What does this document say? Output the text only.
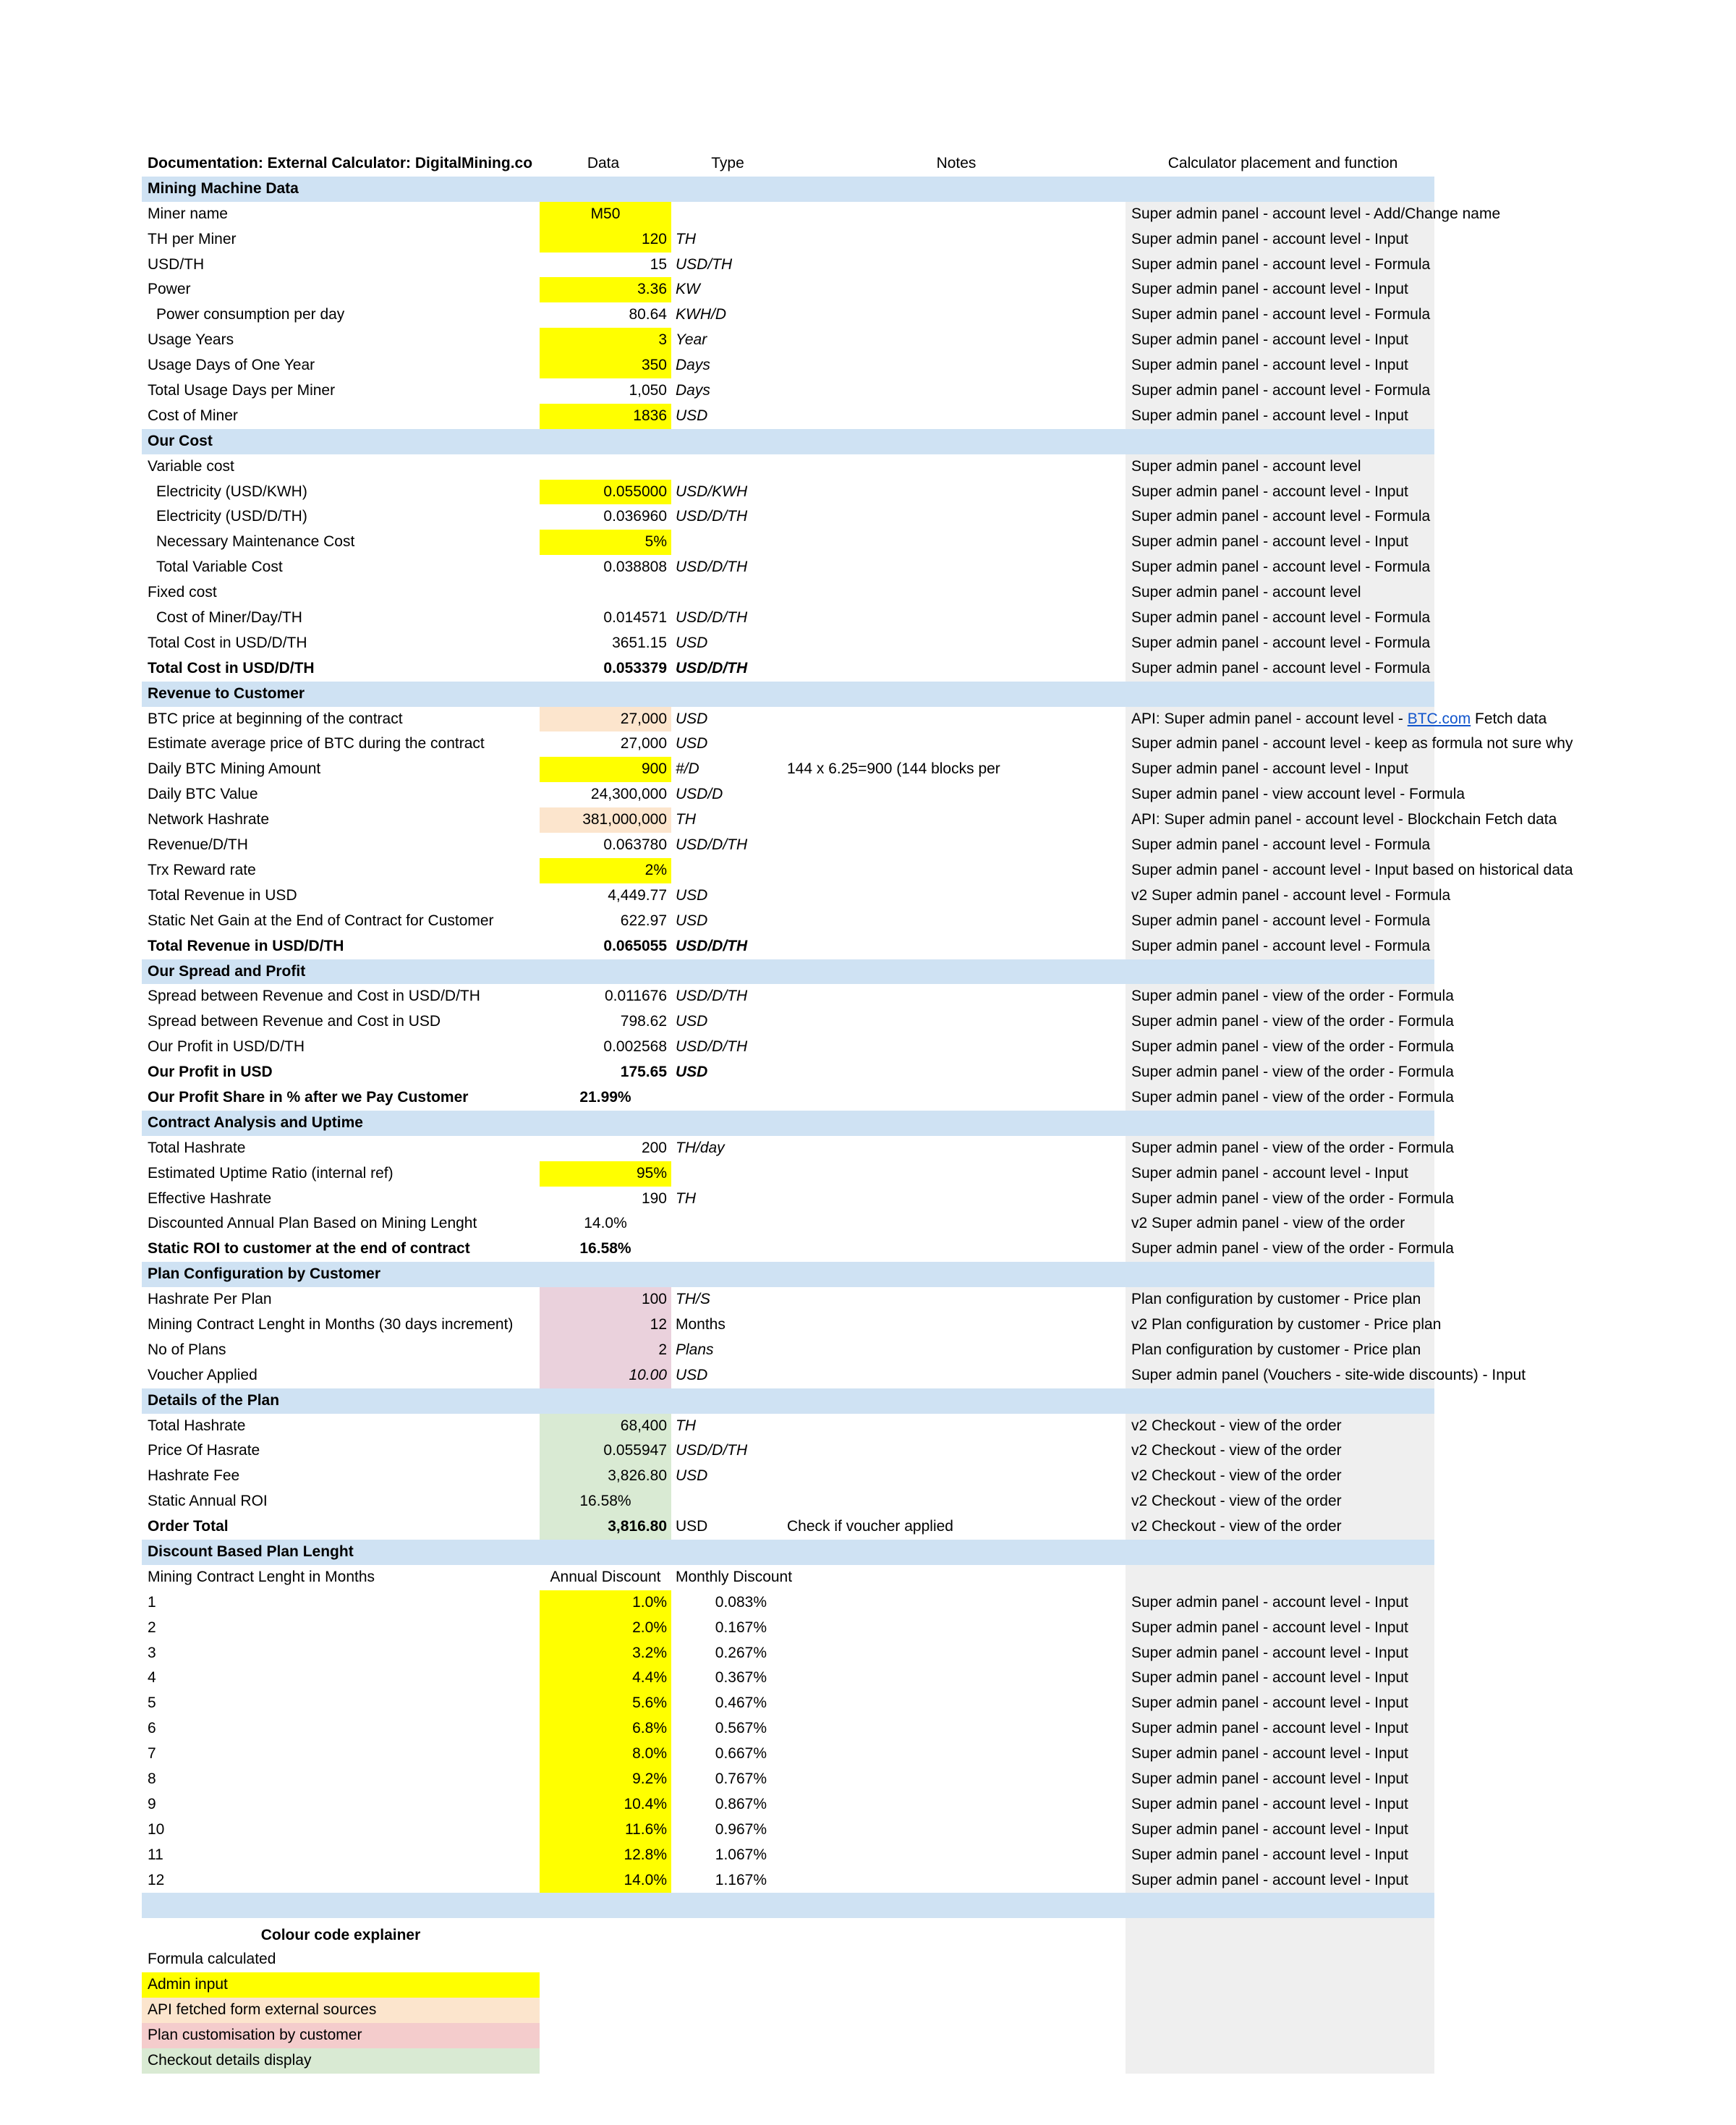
Documentation: External Calculator: DigitalMining.co	Data	Type	Notes	Calculator placement and function
Mining Machine Data
Miner name	M50	Super admin panel - account level - Add/Change name
TH per Miner	120 TH	Super admin panel - account level - Input
USD/TH	15 USD/TH	Super admin panel - account level - Formula
Power	3.36 KW	Super admin panel - account level - Input
Power consumption per day	80.64 KWH/D	Super admin panel - account level - Formula
Usage Years	3 Year	Super admin panel - account level - Input
Usage Days of One Year	350 Days	Super admin panel - account level - Input
Total Usage Days per Miner	1,050 Days	Super admin panel - account level - Formula
Cost of Miner	1836 USD	Super admin panel - account level - Input
Our Cost
Variable cost	Super admin panel - account level
Electricity (USD/KWH)	0.055000 USD/KWH	Super admin panel - account level - Input
Electricity (USD/D/TH)	0.036960 USD/D/TH	Super admin panel - account level - Formula
Necessary Maintenance Cost	5%	Super admin panel - account level - Input
Total Variable Cost	0.038808 USD/D/TH	Super admin panel - account level - Formula
Fixed cost	Super admin panel - account level
Cost of Miner/Day/TH	0.014571 USD/D/TH	Super admin panel - account level - Formula
Total Cost in USD/D/TH	3651.15 USD	Super admin panel - account level - Formula
Total Cost in USD/D/TH	0.053379 USD/D/TH	Super admin panel - account level - Formula
Revenue to Customer
BTC price at beginning of the contract	27,000 USD	API: Super admin panel - account level - BTC.com Fetch data
Estimate average price of BTC during the contract	27,000 USD	Super admin panel - account level - keep as formula not sure why
Daily BTC Mining Amount	900 #/D	144 x 6.25=900 (144 blocks per	Super admin panel - account level - Input
Daily BTC Value	24,300,000 USD/D	Super admin panel - view account level - Formula
Network Hashrate	381,000,000 TH	API: Super admin panel - account level - Blockchain Fetch data
Revenue/D/TH	0.063780 USD/D/TH	Super admin panel - account level - Formula
Trx Reward rate	2%	Super admin panel - account level - Input based on historical data
Total Revenue in USD	4,449.77 USD	v2 Super admin panel - account level - Formula
Static Net Gain at the End of Contract for Customer	622.97 USD	Super admin panel - account level - Formula
Total Revenue in USD/D/TH	0.065055 USD/D/TH	Super admin panel - account level - Formula
Our Spread and Profit
Spread between Revenue and Cost in USD/D/TH	0.011676 USD/D/TH	Super admin panel - view of the order - Formula
Spread between Revenue and Cost in USD	798.62 USD	Super admin panel - view of the order - Formula
Our Profit in USD/D/TH	0.002568 USD/D/TH	Super admin panel - view of the order - Formula
Our Profit in USD	175.65 USD	Super admin panel - view of the order - Formula
Our Profit Share in % after we Pay Customer	21.99%	Super admin panel - view of the order - Formula
Contract Analysis and Uptime
Total Hashrate	200 TH/day	Super admin panel - view of the order - Formula
Estimated Uptime Ratio (internal ref)	95%	Super admin panel - account level - Input
Effective Hashrate	190 TH	Super admin panel - view of the order - Formula
Discounted Annual Plan Based on Mining Lenght	14.0%	v2 Super admin panel - view of the order
Static ROI to customer at the end of contract	16.58%	Super admin panel - view of the order - Formula
Plan Configuration by Customer
Hashrate Per Plan	100 TH/S	Plan configuration by customer - Price plan
Mining Contract Lenght in Months (30 days increment)	12 Months	v2 Plan configuration by customer - Price plan
No of Plans	2 Plans	Plan configuration by customer - Price plan
Voucher Applied	10.00 USD	Super admin panel (Vouchers - site-wide discounts) - Input
Details of the Plan
Total Hashrate	68,400 TH	v2 Checkout - view of the order
Price Of Hasrate	0.055947 USD/D/TH	v2 Checkout - view of the order
Hashrate Fee	3,826.80 USD	v2 Checkout - view of the order
Static Annual ROI	16.58%	v2 Checkout - view of the order
Order Total	3,816.80 USD	Check if voucher applied	v2 Checkout - view of the order
Discount Based Plan Lenght
Mining Contract Lenght in Months	Annual Discount Monthly Discount
1	1.0%	0.083%	Super admin panel - account level - Input
2	2.0%	0.167%	Super admin panel - account level - Input
3	3.2%	0.267%	Super admin panel - account level - Input
4	4.4%	0.367%	Super admin panel - account level - Input
5	5.6%	0.467%	Super admin panel - account level - Input
6	6.8%	0.567%	Super admin panel - account level - Input
7	8.0%	0.667%	Super admin panel - account level - Input
8	9.2%	0.767%	Super admin panel - account level - Input
9	10.4%	0.867%	Super admin panel - account level - Input
10	11.6%	0.967%	Super admin panel - account level - Input
11	12.8%	1.067%	Super admin panel - account level - Input
12	14.0%	1.167%	Super admin panel - account level - Input
Colour code explainer
Formula calculated
Admin input
API fetched form external sources
Plan customisation by customer
Checkout details display
